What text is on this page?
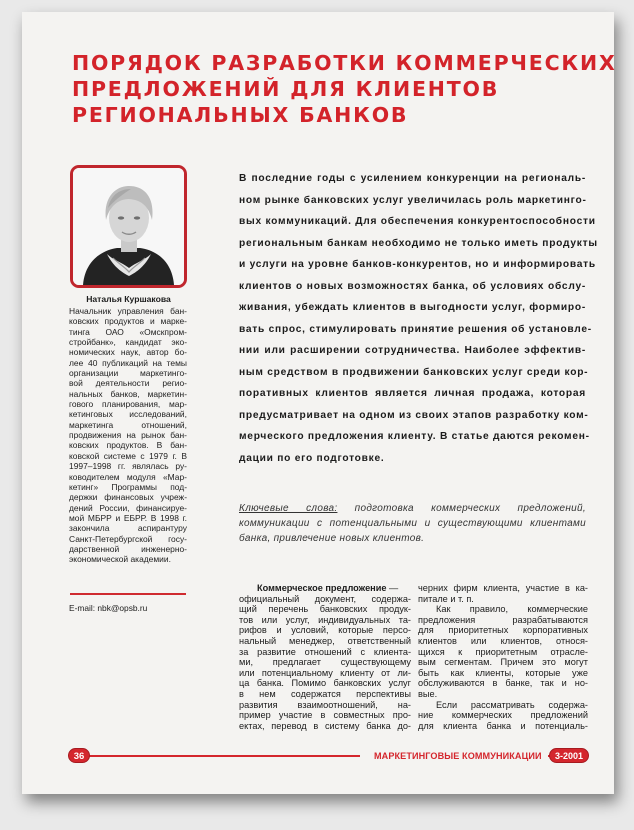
ПОРЯДОК РАЗРАБОТКИ КОММЕРЧЕСКИХ
ПРЕДЛОЖЕНИЙ ДЛЯ КЛИЕНТОВ
РЕГИОНАЛЬНЫХ БАНКОВ
Наталья Куршакова
Начальник управления бан-
ковских продуктов и марке-
тинга ОАО «Омскпром-
стройбанк», кандидат эко-
номических наук, автор бо-
лее 40 публикаций на темы
организации маркетинго-
вой деятельности регио-
нальных банков, маркетин-
гового планирования, мар-
кетинговых исследований,
маркетинга отношений,
продвижения на рынок бан-
ковских продуктов. В бан-
ковской системе с 1979 г. В
1997–1998 гг. являлась ру-
ководителем модуля «Мар-
кетинг» Программы под-
держки финансовых учреж-
дений России, финансируе-
мой МБРР и ЕБРР. В 1998 г.
закончила аспирантуру
Санкт-Петербургской госу-
дарственной инженерно-
экономической академии.
E-mail: nbk@opsb.ru
В последние годы с усилением конкуренции на региональ-
ном рынке банковских услуг увеличилась роль маркетинго-
вых коммуникаций. Для обеспечения конкурентоспособности
региональным банкам необходимо не только иметь продукты
и услуги на уровне банков-конкурентов, но и информировать
клиентов о новых возможностях банка, об условиях обслу-
живания, убеждать клиентов в выгодности услуг, формиро-
вать спрос, стимулировать принятие решения об установле-
нии или расширении сотрудничества. Наиболее эффектив-
ным средством в продвижении банковских услуг среди кор-
поративных клиентов является личная продажа, которая
предусматривает на одном из своих этапов разработку ком-
мерческого предложения клиенту. В статье даются рекомен-
дации по его подготовке.
Ключевые слова: подготовка коммерческих предложений,
коммуникации с потенциальными и существующими клиентами
банка, привлечение новых клиентов.
Коммерческое предложение —
официальный документ, содержа-
щий перечень банковских продук-
тов или услуг, индивидуальных та-
рифов и условий, которые персо-
нальный менеджер, ответственный
за развитие отношений с клиента-
ми, предлагает существующему
или потенциальному клиенту от ли-
ца банка. Помимо банковских услуг
в нем содержатся перспективы
развития взаимоотношений, на-
пример участие в совместных про-
ектах, перевод в систему банка до-
черних фирм клиента, участие в ка-
питале и т. п.
Как правило, коммерческие
предложения разрабатываются
для приоритетных корпоративных
клиентов или клиентов, относя-
щихся к приоритетным отрасле-
вым сегментам. Причем это могут
быть как клиенты, которые уже
обслуживаются в банке, так и но-
вые.
Если рассматривать содержа-
ние коммерческих предложений
для клиента банка и потенциаль-
36	МАРКЕТИНГОВЫЕ КОММУНИКАЦИИ	3-2001
